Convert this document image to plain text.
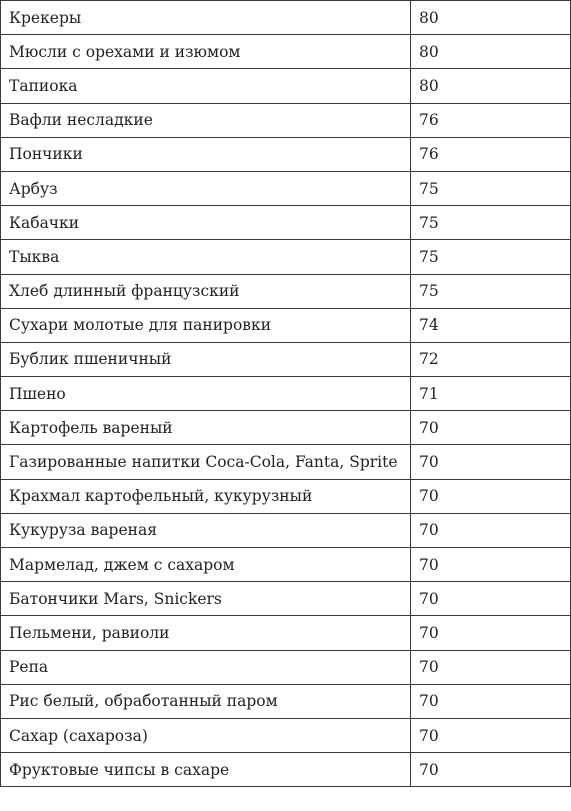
Крекеры	80
Мюсли с орехами и изюмом	80
Тапиока	80
Вафли несладкие	76
Пончики	76
Арбуз	75
Кабачки	75
Тыква	75
Хлеб длинный французский	75
Сухари молотые для панировки	74
Бублик пшеничный	72
Пшено	71
Картофель вареный	70
Газированные напитки Coca-Cola, Fanta, Sprite	70
Крахмал картофельный, кукурузный	70
Кукуруза вареная	70
Мармелад, джем с сахаром	70
Батончики Mars, Snickers	70
Пельмени, равиоли	70
Репа	70
Рис белый, обработанный паром	70
Сахар (сахароза)	70
Фруктовые чипсы в сахаре	70
